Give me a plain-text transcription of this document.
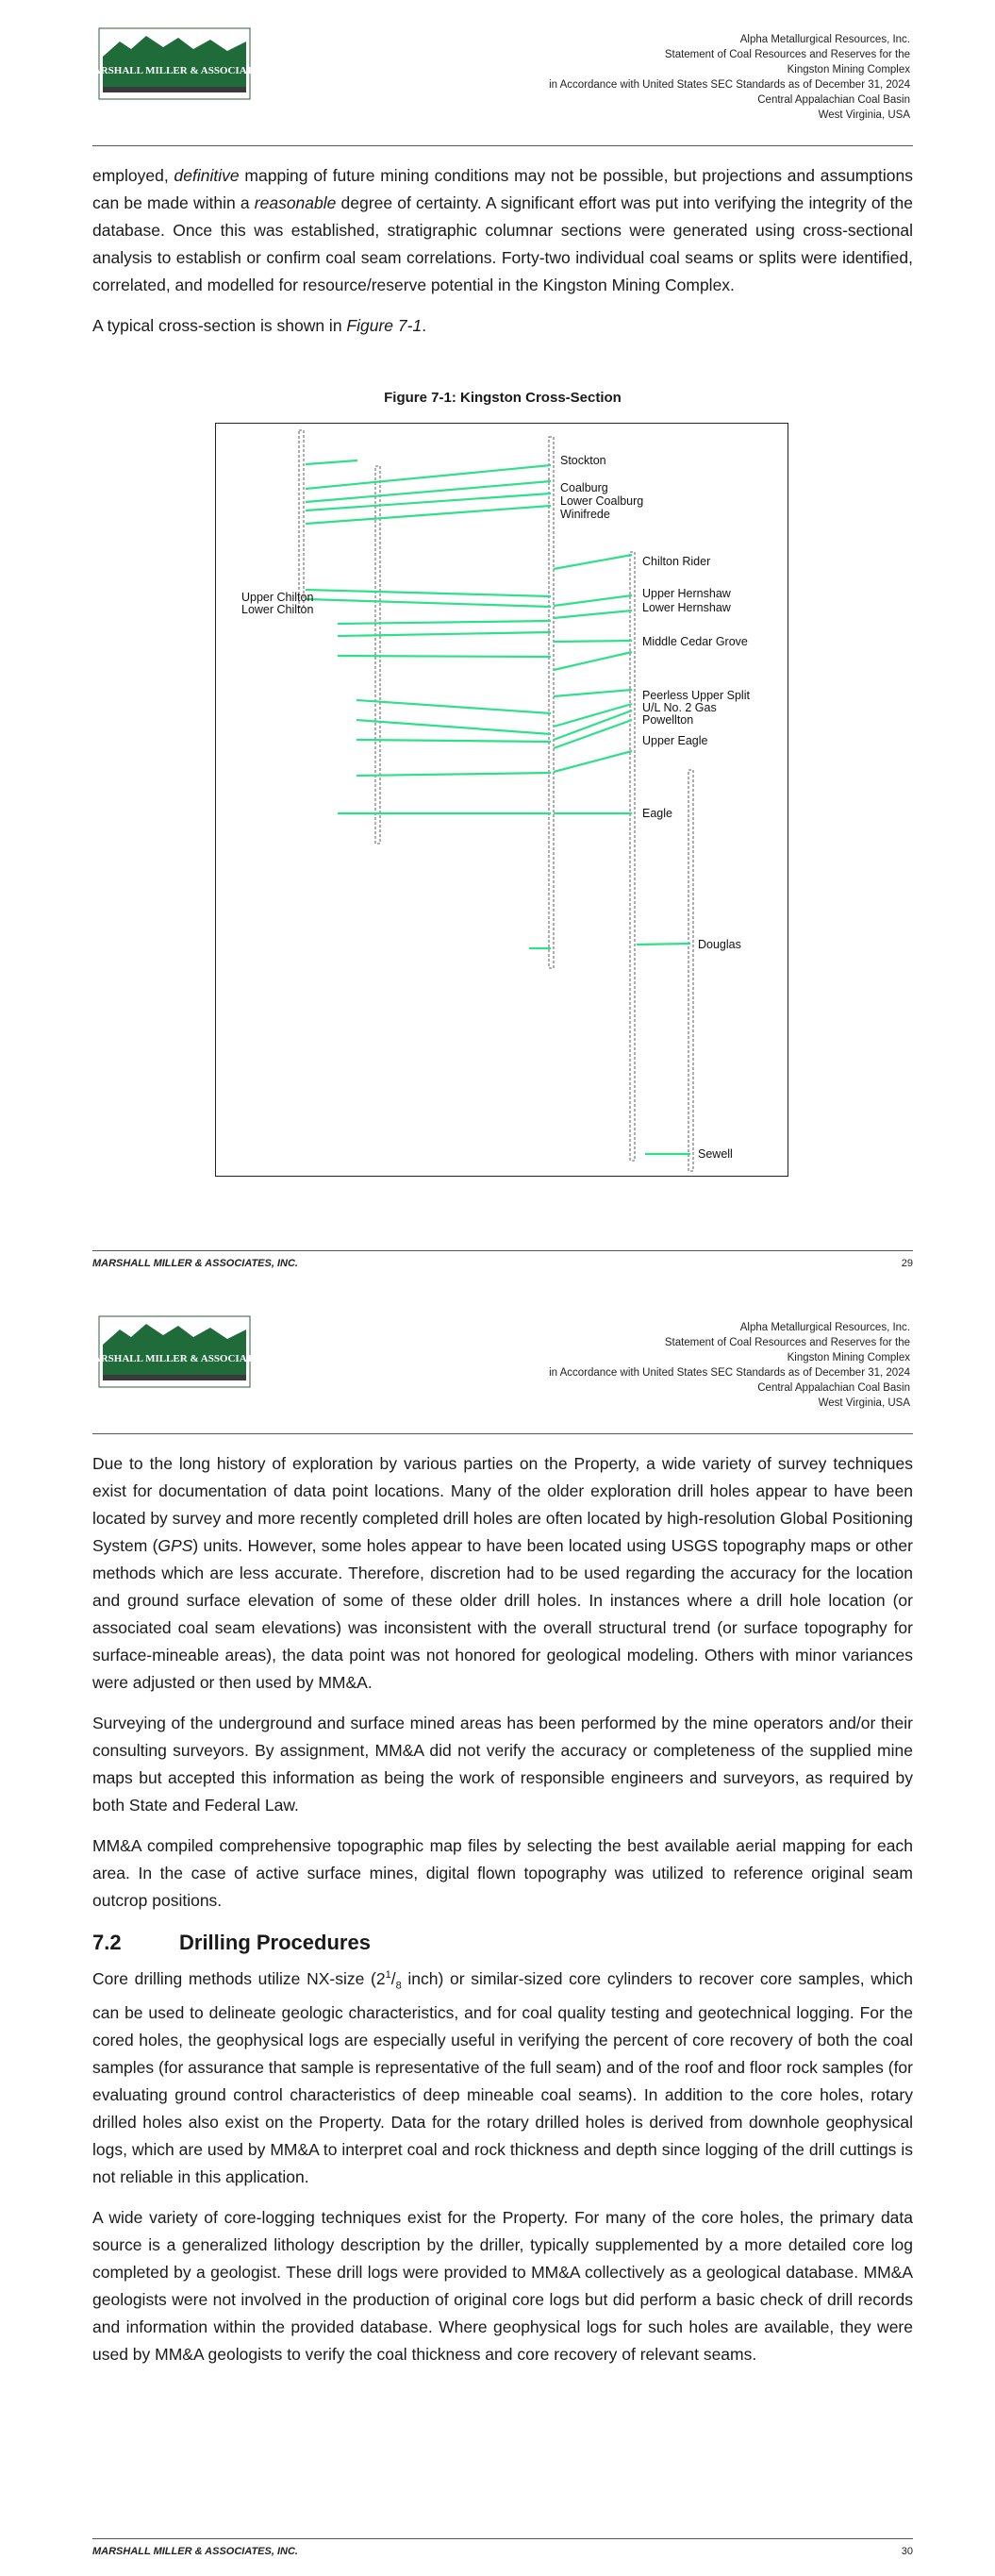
MARSHALL MILLER & ASSOCIATES
Alpha Metallurgical Resources, Inc.
Statement of Coal Resources and Reserves for the
Kingston Mining Complex
in Accordance with United States SEC Standards as of December 31, 2024
Central Appalachian Coal Basin
West Virginia, USA

employed, definitive mapping of future mining conditions may not be possible, but projections and assumptions can be made within a reasonable degree of certainty. A significant effort was put into verifying the integrity of the database. Once this was established, stratigraphic columnar sections were generated using cross-sectional analysis to establish or confirm coal seam correlations. Forty-two individual coal seams or splits were identified, correlated, and modelled for resource/reserve potential in the Kingston Mining Complex.

A typical cross-section is shown in Figure 7-1.

Figure 7-1: Kingston Cross-Section
Stockton
Coalburg
Lower Coalburg
Winifrede
Chilton Rider
Upper Chilton
Lower Chilton
Upper Hernshaw
Lower Hernshaw
Middle Cedar Grove
Peerless Upper Split
U/L No. 2 Gas
Powellton
Upper Eagle
Eagle
Douglas
Sewell
MARSHALL MILLER & ASSOCIATES, INC.	29
MARSHALL MILLER & ASSOCIATES
Alpha Metallurgical Resources, Inc.
Statement of Coal Resources and Reserves for the
Kingston Mining Complex
in Accordance with United States SEC Standards as of December 31, 2024
Central Appalachian Coal Basin
West Virginia, USA

Due to the long history of exploration by various parties on the Property, a wide variety of survey techniques exist for documentation of data point locations. Many of the older exploration drill holes appear to have been located by survey and more recently completed drill holes are often located by high-resolution Global Positioning System (GPS) units. However, some holes appear to have been located using USGS topography maps or other methods which are less accurate. Therefore, discretion had to be used regarding the accuracy for the location and ground surface elevation of some of these older drill holes. In instances where a drill hole location (or associated coal seam elevations) was inconsistent with the overall structural trend (or surface topography for surface-mineable areas), the data point was not honored for geological modeling. Others with minor variances were adjusted or then used by MM&A.

Surveying of the underground and surface mined areas has been performed by the mine operators and/or their consulting surveyors. By assignment, MM&A did not verify the accuracy or completeness of the supplied mine maps but accepted this information as being the work of responsible engineers and surveyors, as required by both State and Federal Law.

MM&A compiled comprehensive topographic map files by selecting the best available aerial mapping for each area. In the case of active surface mines, digital flown topography was utilized to reference original seam outcrop positions.

7.2	Drilling Procedures

Core drilling methods utilize NX-size ($2^1/_8$ inch) or similar-sized core cylinders to recover core samples, which can be used to delineate geologic characteristics, and for coal quality testing and geotechnical logging. For the cored holes, the geophysical logs are especially useful in verifying the percent of core recovery of both the coal samples (for assurance that sample is representative of the full seam) and of the roof and floor rock samples (for evaluating ground control characteristics of deep mineable coal seams). In addition to the core holes, rotary drilled holes also exist on the Property. Data for the rotary drilled holes is derived from downhole geophysical logs, which are used by MM&A to interpret coal and rock thickness and depth since logging of the drill cuttings is not reliable in this application.

A wide variety of core-logging techniques exist for the Property. For many of the core holes, the primary data source is a generalized lithology description by the driller, typically supplemented by a more detailed core log completed by a geologist. These drill logs were provided to MM&A collectively as a geological database. MM&A geologists were not involved in the production of original core logs but did perform a basic check of drill records and information within the provided database. Where geophysical logs for such holes are available, they were used by MM&A geologists to verify the coal thickness and core recovery of relevant seams.

MARSHALL MILLER & ASSOCIATES, INC.	30
